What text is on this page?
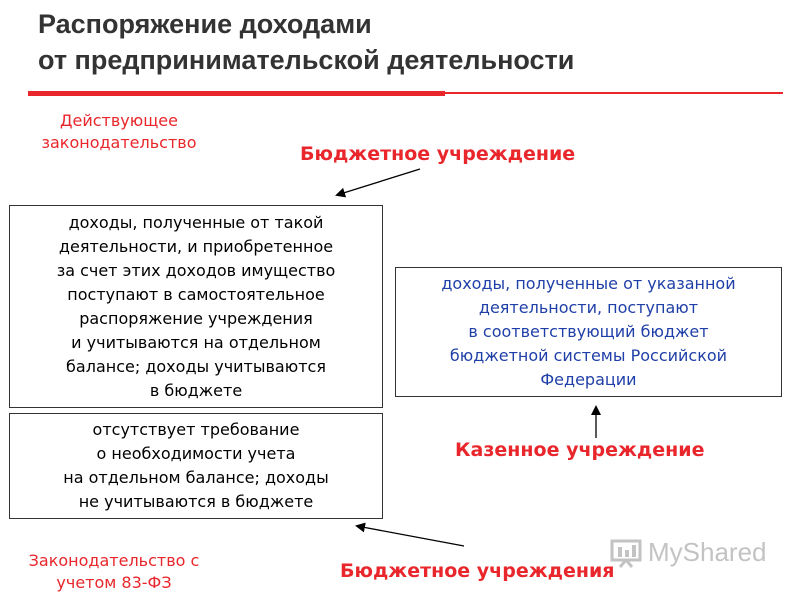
Распоряжение доходами
от предпринимательской деятельности
Действующее законодательство
Бюджетное учреждение
доходы, полученные от такой
деятельности, и приобретенное
за счет этих доходов имущество
поступают в самостоятельное
распоряжение учреждения
и учитываются на отдельном
балансе; доходы учитываются
в бюджете
доходы, полученные от указанной
деятельности, поступают
в соответствующий бюджет
бюджетной системы Российской
Федерации
отсутствует требование
о необходимости учета
на отдельном балансе; доходы
не учитываются в бюджете
Казенное учреждение
Законодательство с учетом 83-ФЗ
Бюджетное учреждения
MyShared
